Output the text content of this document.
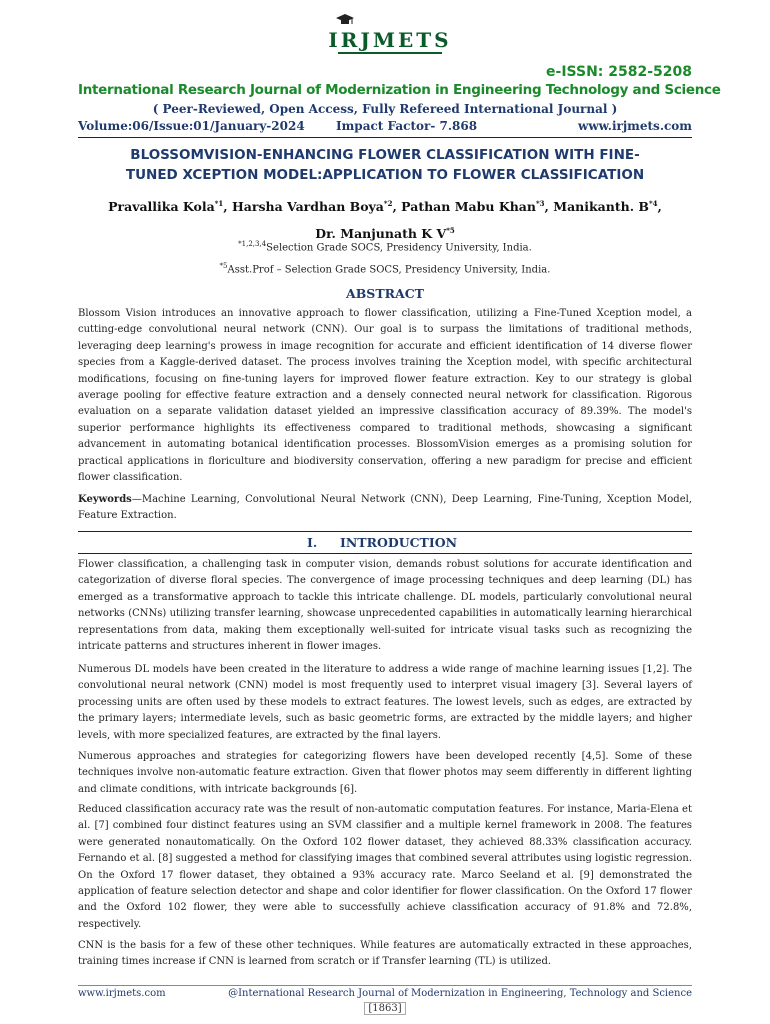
IRJMETS
e-ISSN: 2582-5208
International Research Journal of Modernization in Engineering Technology and Science
( Peer-Reviewed, Open Access, Fully Refereed International Journal )
Volume:06/Issue:01/January-2024	Impact Factor- 7.868	www.irjmets.com
BLOSSOMVISION-ENHANCING FLOWER CLASSIFICATION WITH FINE-
TUNED XCEPTION MODEL:APPLICATION TO FLOWER CLASSIFICATION
Pravallika Kola$^{*1}$, Harsha Vardhan Boya$^{*2}$, Pathan Mabu Khan$^{*3}$, Manikanth. $B^{*4}$,
Dr. Manjunath K $V^{*5}$
$^{*1,2,3,4}$Selection Grade SOCS, Presidency University, India.
$^{*5}$Asst.Prof – Selection Grade SOCS, Presidency University, India.
ABSTRACT

Blossom Vision introduces an innovative approach to flower classification, utilizing a Fine-Tuned Xception model, a cutting-edge convolutional neural network (CNN). Our goal is to surpass the limitations of traditional methods, leveraging deep learning's prowess in image recognition for accurate and efficient identification of 14 diverse flower species from a Kaggle-derived dataset. The process involves training the Xception model, with specific architectural modifications, focusing on fine-tuning layers for improved flower feature extraction. Key to our strategy is global average pooling for effective feature extraction and a densely connected neural network for classification. Rigorous evaluation on a separate validation dataset yielded an impressive classification accuracy of 89.39%. The model's superior performance highlights its effectiveness compared to traditional methods, showcasing a significant advancement in automating botanical identification processes. BlossomVision emerges as a promising solution for practical applications in floriculture and biodiversity conservation, offering a new paradigm for precise and efficient flower classification.

Keywords—Machine Learning, Convolutional Neural Network (CNN), Deep Learning, Fine-Tuning, Xception Model, Feature Extraction.

I. INTRODUCTION

Flower classification, a challenging task in computer vision, demands robust solutions for accurate identification and categorization of diverse floral species. The convergence of image processing techniques and deep learning (DL) has emerged as a transformative approach to tackle this intricate challenge. DL models, particularly convolutional neural networks (CNNs) utilizing transfer learning, showcase unprecedented capabilities in automatically learning hierarchical representations from data, making them exceptionally well-suited for intricate visual tasks such as recognizing the intricate patterns and structures inherent in flower images.

Numerous DL models have been created in the literature to address a wide range of machine learning issues [1,2]. The convolutional neural network (CNN) model is most frequently used to interpret visual imagery [3]. Several layers of processing units are often used by these models to extract features. The lowest levels, such as edges, are extracted by the primary layers; intermediate levels, such as basic geometric forms, are extracted by the middle layers; and higher levels, with more specialized features, are extracted by the final layers.

Numerous approaches and strategies for categorizing flowers have been developed recently [4,5]. Some of these techniques involve non-automatic feature extraction. Given that flower photos may seem differently in different lighting and climate conditions, with intricate backgrounds [6].

Reduced classification accuracy rate was the result of non-automatic computation features. For instance, Maria-Elena et al. [7] combined four distinct features using an SVM classifier and a multiple kernel framework in 2008. The features were generated nonautomatically. On the Oxford 102 flower dataset, they achieved 88.33% classification accuracy. Fernando et al. [8] suggested a method for classifying images that combined several attributes using logistic regression. On the Oxford 17 flower dataset, they obtained a 93% accuracy rate. Marco Seeland et al. [9] demonstrated the application of feature selection detector and shape and color identifier for flower classification. On the Oxford 17 flower and the Oxford 102 flower, they were able to successfully achieve classification accuracy of 91.8% and 72.8%, respectively.

CNN is the basis for a few of these other techniques. While features are automatically extracted in these approaches, training times increase if CNN is learned from scratch or if Transfer learning (TL) is utilized.

www.irjmets.com	@International Research Journal of Modernization in Engineering, Technology and Science
[1863]
